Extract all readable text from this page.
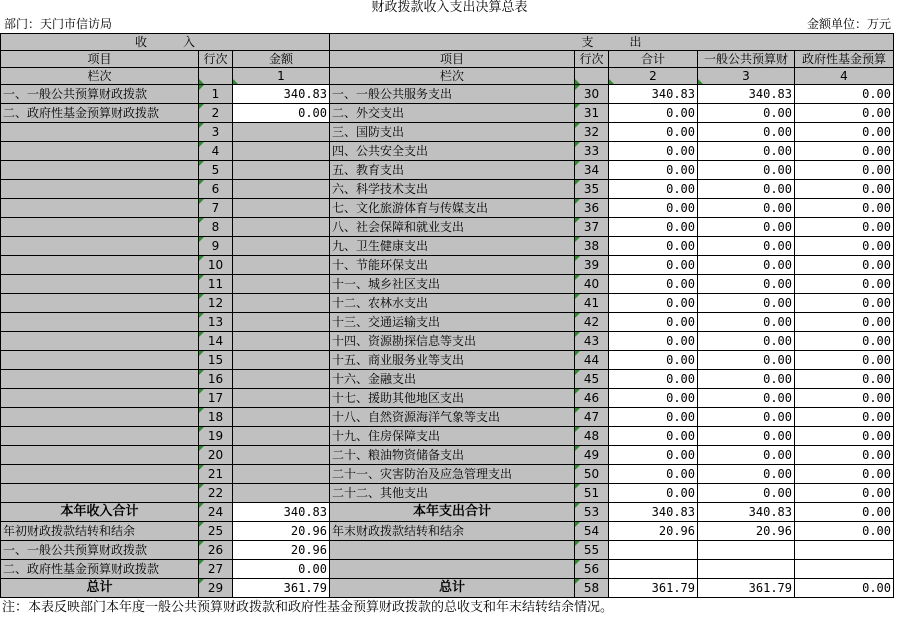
财政拨款收入支出决算总表
部门：天门市信访局	金额单位：万元
收　　　入			支　　　出				
项目	行次	金额	项目	行次	合计	一般公共预算财	政府性基金预算
栏次		1	栏次		2	3	4
一、一般公共预算财政拨款	1	340.83	一、一般公共服务支出	30	340.83	340.83	0.00
二、政府性基金预算财政拨款	2	0.00	二、外交支出	31	0.00	0.00	0.00
	3		三、国防支出	32	0.00	0.00	0.00
	4		四、公共安全支出	33	0.00	0.00	0.00
	5		五、教育支出	34	0.00	0.00	0.00
	6		六、科学技术支出	35	0.00	0.00	0.00
	7		七、文化旅游体育与传媒支出	36	0.00	0.00	0.00
	8		八、社会保障和就业支出	37	0.00	0.00	0.00
	9		九、卫生健康支出	38	0.00	0.00	0.00
	10		十、节能环保支出	39	0.00	0.00	0.00
	11		十一、城乡社区支出	40	0.00	0.00	0.00
	12		十二、农林水支出	41	0.00	0.00	0.00
	13		十三、交通运输支出	42	0.00	0.00	0.00
	14		十四、资源勘探信息等支出	43	0.00	0.00	0.00
	15		十五、商业服务业等支出	44	0.00	0.00	0.00
	16		十六、金融支出	45	0.00	0.00	0.00
	17		十七、援助其他地区支出	46	0.00	0.00	0.00
	18		十八、自然资源海洋气象等支出	47	0.00	0.00	0.00
	19		十九、住房保障支出	48	0.00	0.00	0.00
	20		二十、粮油物资储备支出	49	0.00	0.00	0.00
	21		二十一、灾害防治及应急管理支出	50	0.00	0.00	0.00
	22		二十二、其他支出	51	0.00	0.00	0.00
本年收入合计	24	340.83	本年支出合计	53	340.83	340.83	0.00
年初财政拨款结转和结余	25	20.96	年末财政拨款结转和结余	54	20.96	20.96	0.00
一、一般公共预算财政拨款	26	20.96		55			
二、政府性基金预算财政拨款	27	0.00		56			
总计	29	361.79	总计	58	361.79	361.79	0.00
注：本表反映部门本年度一般公共预算财政拨款和政府性基金预算财政拨款的总收支和年末结转结余情况。
